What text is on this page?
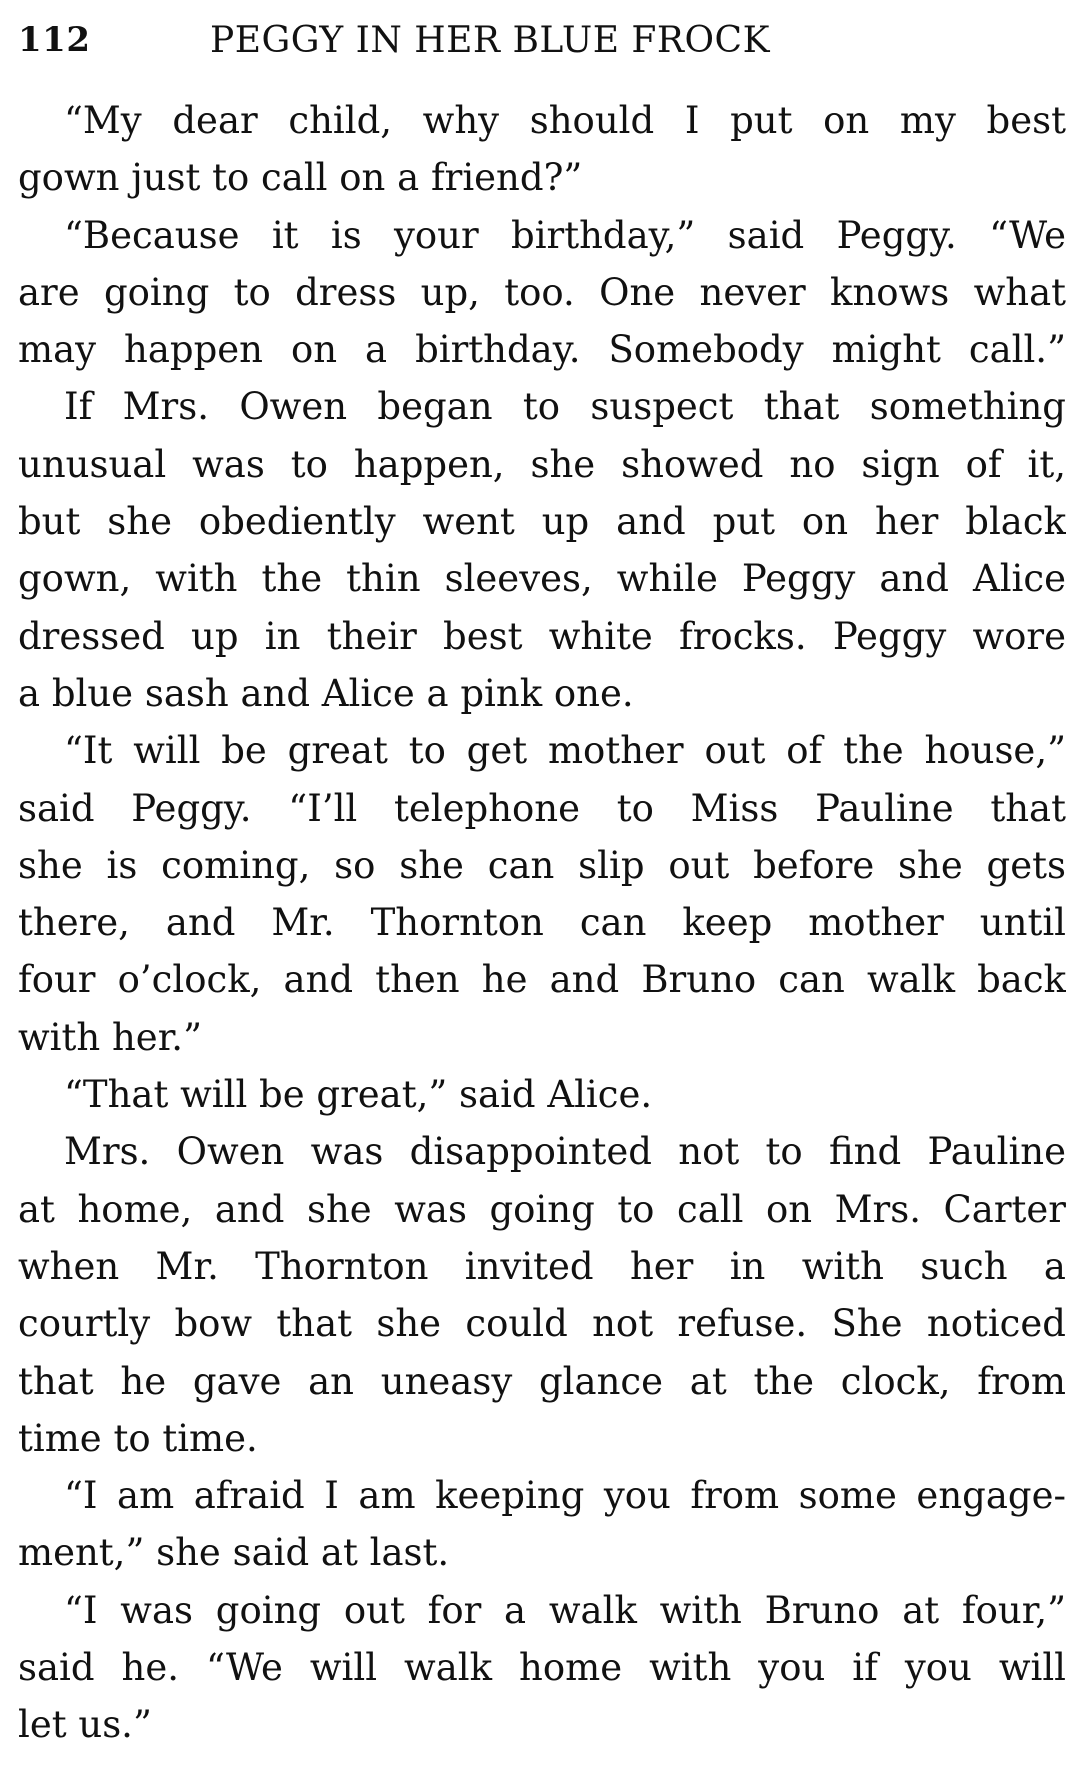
112	PEGGY IN HER BLUE FROCK
“My dear child, why should I put on my best
gown just to call on a friend?”
“Because it is your birthday,” said Peggy. “We
are going to dress up, too. One never knows what
may happen on a birthday. Somebody might call.”
If Mrs. Owen began to suspect that something
unusual was to happen, she showed no sign of it,
but she obediently went up and put on her black
gown, with the thin sleeves, while Peggy and Alice
dressed up in their best white frocks. Peggy wore
a blue sash and Alice a pink one.
“It will be great to get mother out of the house,”
said Peggy. “I’ll telephone to Miss Pauline that
she is coming, so she can slip out before she gets
there, and Mr. Thornton can keep mother until
four o’clock, and then he and Bruno can walk back
with her.”
“That will be great,” said Alice.
Mrs. Owen was disappointed not to find Pauline
at home, and she was going to call on Mrs. Carter
when Mr. Thornton invited her in with such a
courtly bow that she could not refuse. She noticed
that he gave an uneasy glance at the clock, from
time to time.
“I am afraid I am keeping you from some engage-
ment,” she said at last.
“I was going out for a walk with Bruno at four,”
said he. “We will walk home with you if you will
let us.”
